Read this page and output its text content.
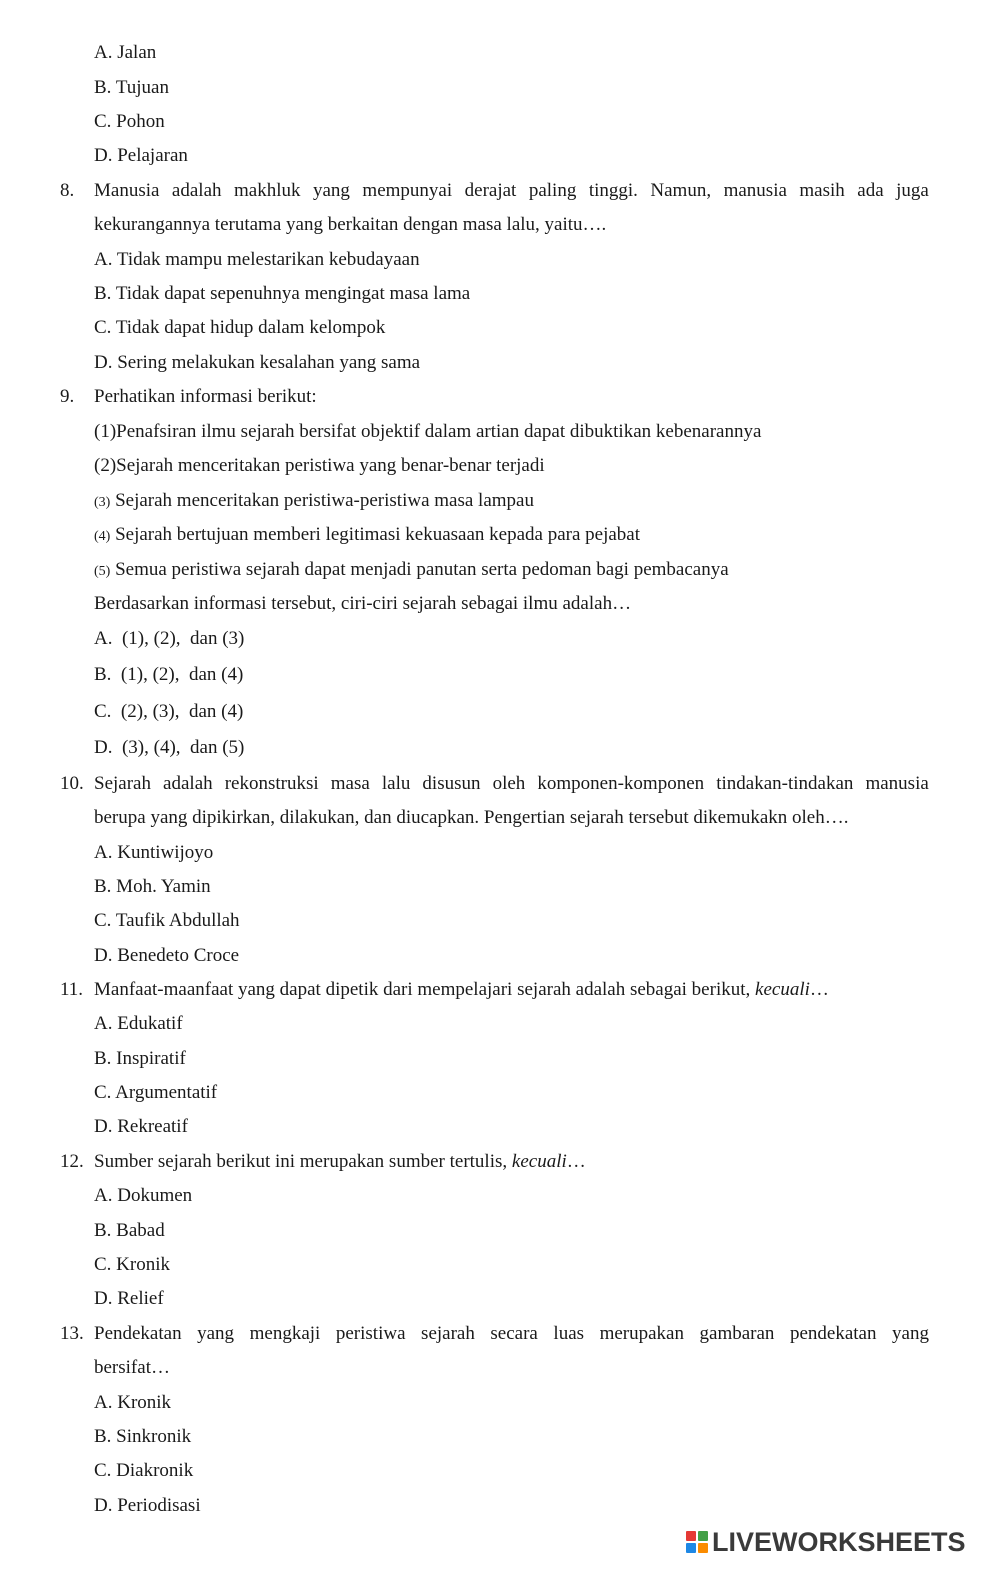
A. Jalan
B. Tujuan
C. Pohon
D. Pelajaran
8. Manusia adalah makhluk yang mempunyai derajat paling tinggi. Namun, manusia masih ada juga
kekurangannya terutama yang berkaitan dengan masa lalu, yaitu….
A. Tidak mampu melestarikan kebudayaan
B. Tidak dapat sepenuhnya mengingat masa lama
C. Tidak dapat hidup dalam kelompok
D. Sering melakukan kesalahan yang sama
9. Perhatikan informasi berikut:
(1)Penafsiran ilmu sejarah bersifat objektif dalam artian dapat dibuktikan kebenarannya
(2)Sejarah menceritakan peristiwa yang benar-benar terjadi
(3) Sejarah menceritakan peristiwa-peristiwa masa lampau
(4) Sejarah bertujuan memberi legitimasi kekuasaan kepada para pejabat
(5) Semua peristiwa sejarah dapat menjadi panutan serta pedoman bagi pembacanya
Berdasarkan informasi tersebut, ciri-ciri sejarah sebagai ilmu adalah…
A.  (1), (2),  dan (3)
B.  (1), (2),  dan (4)
C.  (2), (3),  dan (4)
D.  (3), (4),  dan (5)
10. Sejarah adalah rekonstruksi masa lalu disusun oleh komponen-komponen tindakan-tindakan manusia
berupa yang dipikirkan, dilakukan, dan diucapkan. Pengertian sejarah tersebut dikemukakn oleh….
A. Kuntiwijoyo
B. Moh. Yamin
C. Taufik Abdullah
D. Benedeto Croce
11. Manfaat-maanfaat yang dapat dipetik dari mempelajari sejarah adalah sebagai berikut, kecuali…
A. Edukatif
B. Inspiratif
C. Argumentatif
D. Rekreatif
12. Sumber sejarah berikut ini merupakan sumber tertulis, kecuali…
A. Dokumen
B. Babad
C. Kronik
D. Relief
13. Pendekatan yang mengkaji peristiwa sejarah secara luas merupakan gambaran pendekatan yang
bersifat…
A. Kronik
B. Sinkronik
C. Diakronik
D. Periodisasi
LIVEWORKSHEETS
